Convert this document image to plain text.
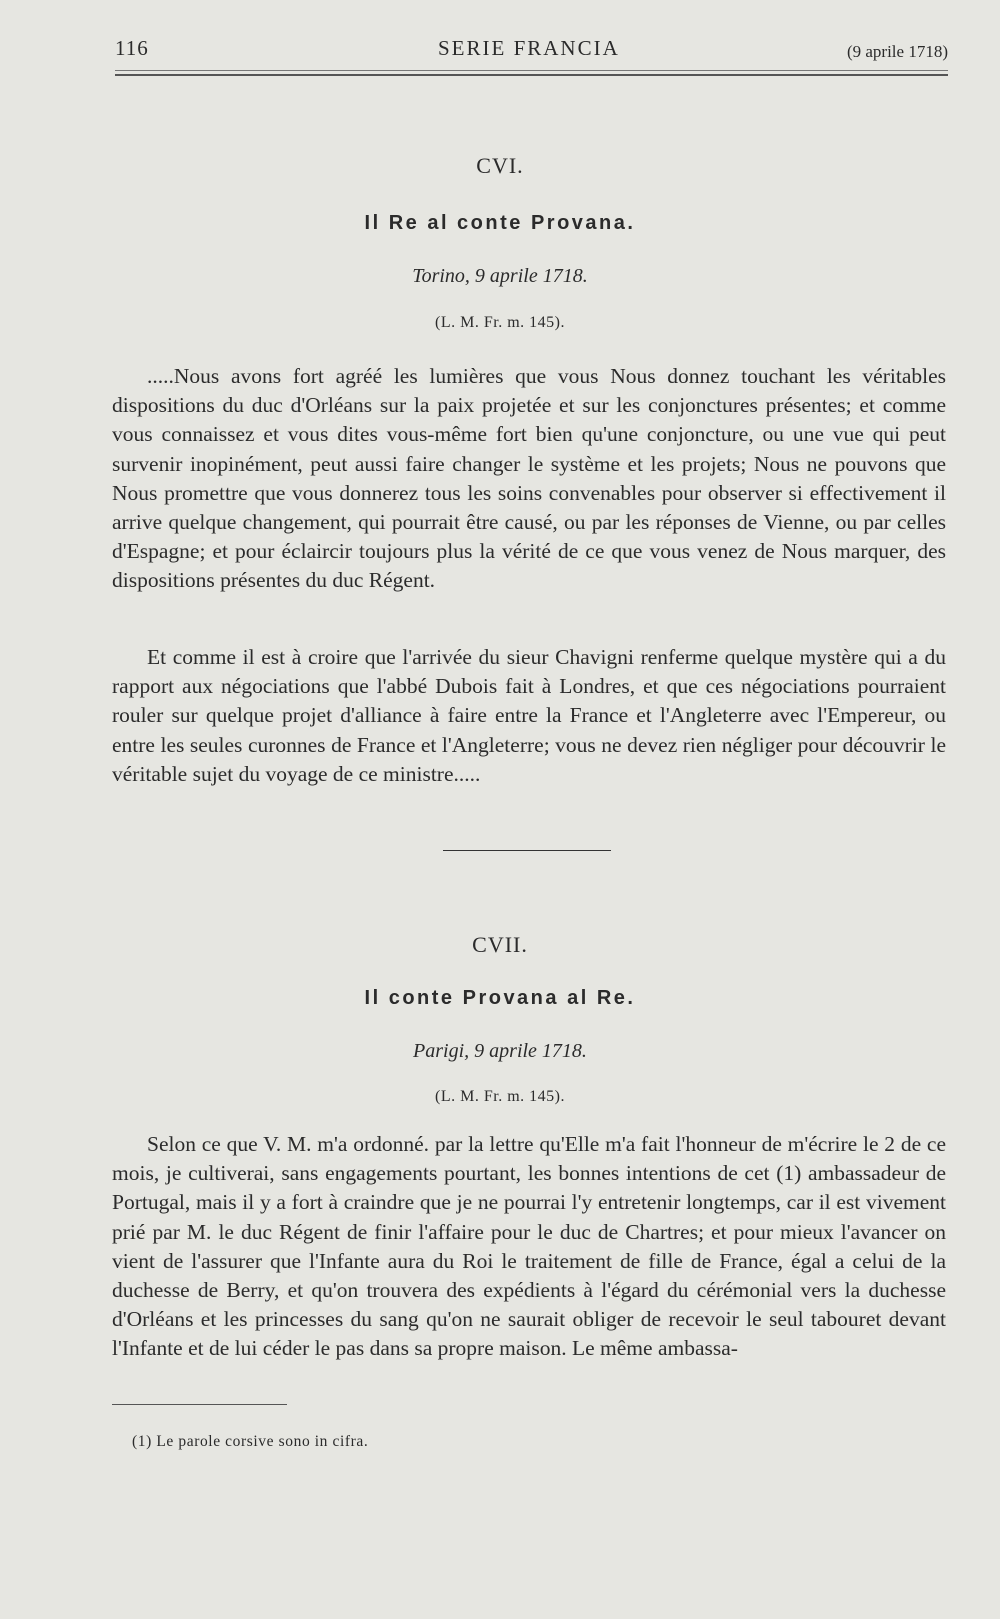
116	SERIE FRANCIA	(9 aprile 1718)
CVI.
Il Re al conte Provana.
Torino, 9 aprile 1718.
(L. M. Fr. m. 145).

.....Nous avons fort agréé les lumières que vous Nous donnez touchant les véritables dispositions du duc d'Orléans sur la paix projetée et sur les conjonctures présentes; et comme vous connaissez et vous dites vous-même fort bien qu'une conjoncture, ou une vue qui peut survenir inopinément, peut aussi faire changer le système et les projets; Nous ne pouvons que Nous promettre que vous donnerez tous les soins convenables pour observer si effectivement il arrive quelque changement, qui pourrait être causé, ou par les réponses de Vienne, ou par celles d'Espagne; et pour éclaircir toujours plus la vérité de ce que vous venez de Nous marquer, des dispositions présentes du duc Régent.

Et comme il est à croire que l'arrivée du sieur Chavigni renferme quelque mystère qui a du rapport aux négociations que l'abbé Dubois fait à Londres, et que ces négociations pourraient rouler sur quelque projet d'alliance à faire entre la France et l'Angleterre avec l'Empereur, ou entre les seules curonnes de France et l'Angleterre; vous ne devez rien négliger pour découvrir le véritable sujet du voyage de ce ministre.....

CVII.
Il conte Provana al Re.
Parigi, 9 aprile 1718.
(L. M. Fr. m. 145).

Selon ce que V. M. m'a ordonné. par la lettre qu'Elle m'a fait l'honneur de m'écrire le 2 de ce mois, je cultiverai, sans engagements pourtant, les bonnes intentions de cet (1) ambassadeur de Portugal, mais il y a fort à craindre que je ne pourrai l'y entretenir longtemps, car il est vivement prié par M. le duc Régent de finir l'affaire pour le duc de Chartres; et pour mieux l'avancer on vient de l'assurer que l'Infante aura du Roi le traitement de fille de France, égal a celui de la duchesse de Berry, et qu'on trouvera des expédients à l'égard du cérémonial vers la duchesse d'Orléans et les princesses du sang qu'on ne saurait obliger de recevoir le seul tabouret devant l'Infante et de lui céder le pas dans sa propre maison. Le même ambassa-

(1) Le parole corsive sono in cifra.
